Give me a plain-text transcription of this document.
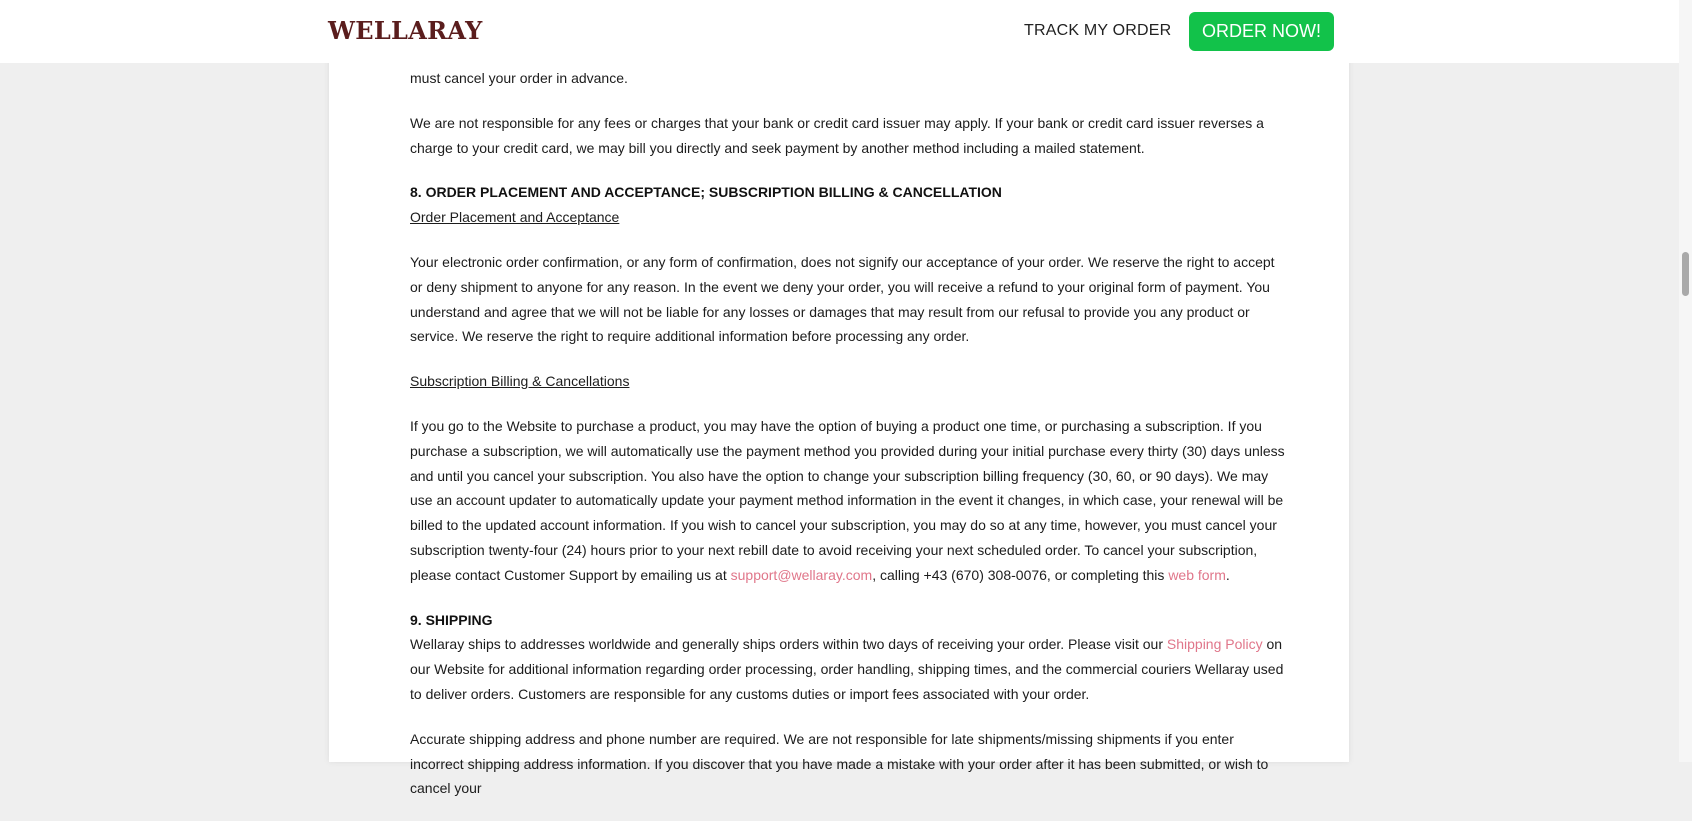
WELLARAY	TRACK MY ORDER	ORDER NOW!

must cancel your order in advance.

We are not responsible for any fees or charges that your bank or credit card issuer may apply. If your bank or credit card issuer reverses a charge to your credit card, we may bill you directly and seek payment by another method including a mailed statement.

8. ORDER PLACEMENT AND ACCEPTANCE; SUBSCRIPTION BILLING & CANCELLATION
Order Placement and Acceptance

Your electronic order confirmation, or any form of confirmation, does not signify our acceptance of your order. We reserve the right to accept or deny shipment to anyone for any reason. In the event we deny your order, you will receive a refund to your original form of payment. You understand and agree that we will not be liable for any losses or damages that may result from our refusal to provide you any product or service. We reserve the right to require additional information before processing any order.

Subscription Billing & Cancellations

If you go to the Website to purchase a product, you may have the option of buying a product one time, or purchasing a subscription. If you purchase a subscription, we will automatically use the payment method you provided during your initial purchase every thirty (30) days unless and until you cancel your subscription. You also have the option to change your subscription billing frequency (30, 60, or 90 days). We may use an account updater to automatically update your payment method information in the event it changes, in which case, your renewal will be billed to the updated account information. If you wish to cancel your subscription, you may do so at any time, however, you must cancel your subscription twenty-four (24) hours prior to your next rebill date to avoid receiving your next scheduled order. To cancel your subscription, please contact Customer Support by emailing us at support@wellaray.com, calling +43 (670) 308-0076, or completing this web form.

9. SHIPPING

Wellaray ships to addresses worldwide and generally ships orders within two days of receiving your order. Please visit our Shipping Policy on our Website for additional information regarding order processing, order handling, shipping times, and the commercial couriers Wellaray used to deliver orders. Customers are responsible for any customs duties or import fees associated with your order.

Accurate shipping address and phone number are required. We are not responsible for late shipments/missing shipments if you enter incorrect shipping address information. If you discover that you have made a mistake with your order after it has been submitted, or wish to cancel your
